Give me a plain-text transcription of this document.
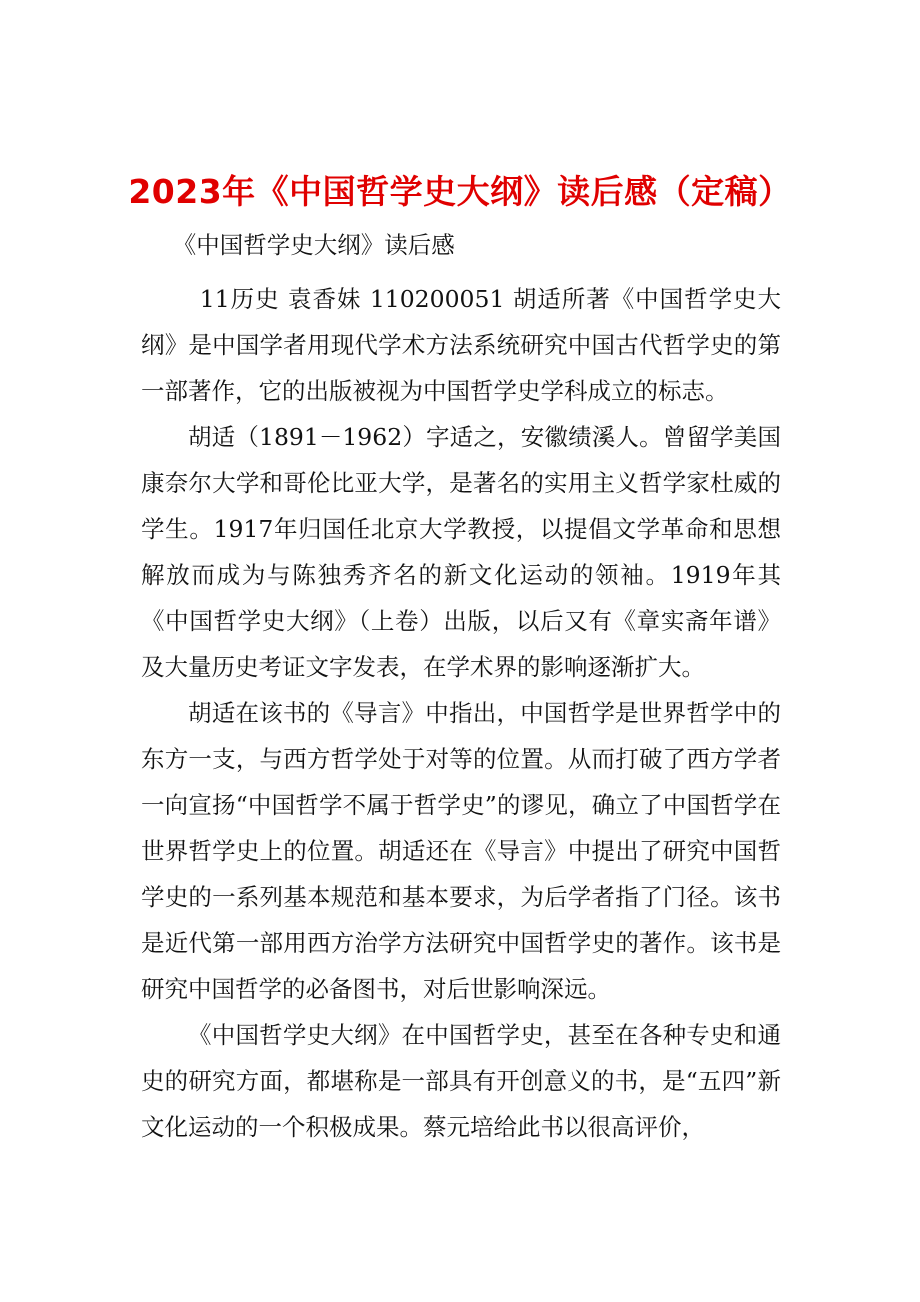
2023年《中国哲学史大纲》读后感（定稿）

《中国哲学史大纲》读后感

11历史 袁香妹 110200051 胡适所著《中国哲学史大纲》是中国学者用现代学术方法系统研究中国古代哲学史的第一部著作，它的出版被视为中国哲学史学科成立的标志。

胡适（1891－1962）字适之，安徽绩溪人。曾留学美国康奈尔大学和哥伦比亚大学，是著名的实用主义哲学家杜威的学生。1917年归国任北京大学教授，以提倡文学革命和思想解放而成为与陈独秀齐名的新文化运动的领袖。1919年其《中国哲学史大纲》（上卷）出版，以后又有《章实斋年谱》及大量历史考证文字发表，在学术界的影响逐渐扩大。

胡适在该书的《导言》中指出，中国哲学是世界哲学中的东方一支，与西方哲学处于对等的位置。从而打破了西方学者一向宣扬“中国哲学不属于哲学史”的谬见，确立了中国哲学在世界哲学史上的位置。胡适还在《导言》中提出了研究中国哲学史的一系列基本规范和基本要求，为后学者指了门径。该书是近代第一部用西方治学方法研究中国哲学史的著作。该书是研究中国哲学的必备图书，对后世影响深远。

《中国哲学史大纲》在中国哲学史，甚至在各种专史和通史的研究方面，都堪称是一部具有开创意义的书，是“五四”新文化运动的一个积极成果。蔡元培给此书以很高评价，
